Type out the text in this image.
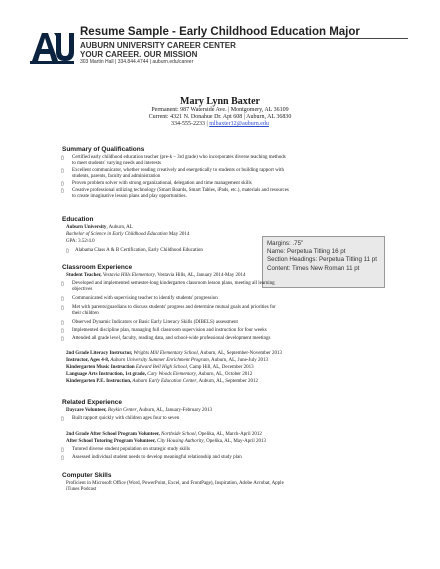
Resume Sample - Early Childhood Education Major
AUBURN UNIVERSITY CAREER CENTER
YOUR CAREER. OUR MISSION
303 Martin Hall | 334.844.4744 | auburn.edu/career
Mary Lynn Baxter
Permanent: 987 Waterside Ave. | Montgomery, AL 36109
Current: 4321 N. Donahue Dr. Apt 608 | Auburn, AL 36830
334-555-2233 | mlbaxter12@auburn.edu
Summary of Qualifications
▯ Certified early childhood education teacher (pre-k – 3rd grade) who incorporates diverse teaching methods
to meet students' varying needs and interests
▯ Excellent communicator, whether reading creatively and energetically to students or building rapport with
students, parents, faculty and administration
▯ Proven problem solver with strong organizational, delegation and time management skills
▯ Creative professional utilizing technology (Smart Boards, Smart Tables, iPads, etc.), materials and resources
to create imaginative lesson plans and play opportunities.
Education
Auburn University, Auburn, AL
Bachelor of Science in Early Childhood Education May 2014
GPA: 3.52/4.0
▯ Alabama Class A & B Certification, Early Childhood Education
Margins: .75"
Name: Perpetua Titling 16 pt
Section Headings: Perpetua Titling 11 pt
Content: Times New Roman 11 pt
Classroom Experience
Student Teacher, Vestavia Hills Elementary, Vestavia Hills, AL, January 2014-May 2014
▯ Developed and implemented semester-long kindergarten classroom lesson plans, meeting all learning
objectives
▯ Communicated with supervising teacher to identify students' progression
▯ Met with parents/guardians to discuss students' progress and determine mutual goals and priorities for
their children
▯ Observed Dynamic Indicators or Basic Early Literacy Skills (DIBELS) assessment
▯ Implemented discipline plan, managing full classroom supervision and instruction for four weeks
▯ Attended all grade level, faculty, reading data, and school-wide professional development meetings
2nd Grade Literacy Instructor, Wrights Mill Elementary School, Auburn, AL, September-November 2013
Instructor, Ages 4-8, Auburn University Summer Enrichment Program, Auburn, AL, June-July 2013
Kindergarten Music Instruction Edward Bell High School, Camp Hill, AL, December 2013
Language Arts Instruction, 1st grade, Cary Woods Elementary, Auburn, AL, October 2012
Kindergarten P.E. Instruction, Auburn Early Education Center, Auburn, AL, September 2012
Related Experience
Daycare Volunteer, Boykin Center, Auburn, AL, January-February 2013
▯ Built rapport quickly with children ages four to seven
2nd Grade After School Program Volunteer, Northside School, Opelika, AL, March-April 2012
After School Tutoring Program Volunteer, City Housing Authority, Opelika, AL, May-April 2013
▯ Tutored diverse student population on strategic study skills
▯ Assessed individual student needs to develop meaningful relationship and study plan
Computer Skills
Proficient in Microsoft Office (Word, PowerPoint, Excel, and FrontPage), Inspiration, Adobe Acrobat, Apple
iTunes Podcast
